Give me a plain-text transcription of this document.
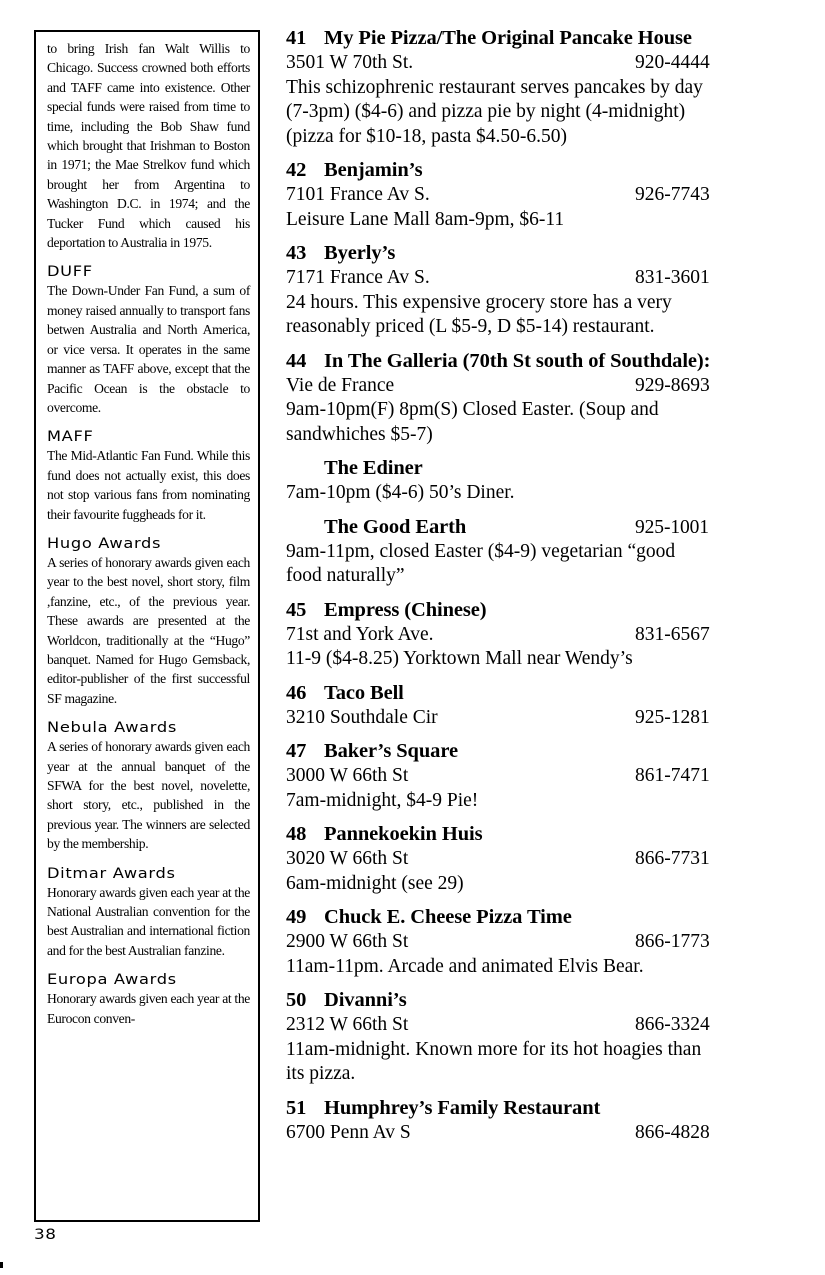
to bring Irish fan Walt Willis to Chicago. Success crowned both efforts and TAFF came into existence. Other special funds were raised from time to time, including the Bob Shaw fund which brought that Irishman to Boston in 1971; the Mae Strelkov fund which brought her from Argentina to Washington D.C. in 1974; and the Tucker Fund which caused his deportation to Australia in 1975.

DUFF

The Down-Under Fan Fund, a sum of money raised annually to transport fans betwen Australia and North America, or vice versa. It operates in the same manner as TAFF above, except that the Pacific Ocean is the obstacle to overcome.

MAFF

The Mid-Atlantic Fan Fund. While this fund does not actually exist, this does not stop various fans from nominating their favourite fuggheads for it.

Hugo Awards

A series of honorary awards given each year to the best novel, short story, film ,fanzine, etc., of the previous year. These awards are presented at the Worldcon, traditionally at the “Hugo” banquet. Named for Hugo Gemsback, editor-publisher of the first successful SF magazine.

Nebula Awards

A series of honorary awards given each year at the annual banquet of the SFWA for the best novel, novelette, short story, etc., published in the previous year. The winners are selected by the membership.

Ditmar Awards

Honorary awards given each year at the National Australian convention for the best Australian and international fiction and for the best Australian fanzine.

Europa Awards

Honorary awards given each year at the Eurocon conven-

38
41 My Pie Pizza/The Original Pancake House
3501 W 70th St.	920-4444
This schizophrenic restaurant serves pancakes by day
(7-3pm) ($4-6) and pizza pie by night (4-midnight)
(pizza for $10-18, pasta $4.50-6.50)
42 Benjamin’s
7101 France Av S.	926-7743
Leisure Lane Mall 8am-9pm, $6-11
43 Byerly’s
7171 France Av S.	831-3601
24 hours. This expensive grocery store has a very
reasonably priced (L $5-9, D $5-14) restaurant.
44 In The Galleria (70th St south of Southdale):
Vie de France	929-8693
9am-10pm(F) 8pm(S) Closed Easter. (Soup and
sandwhiches $5-7)
The Ediner
7am-10pm ($4-6) 50’s Diner.
The Good Earth	925-1001
9am-11pm, closed Easter ($4-9) vegetarian “good
food naturally”
45 Empress (Chinese)
71st and York Ave.	831-6567
11-9 ($4-8.25) Yorktown Mall near Wendy’s
46 Taco Bell
3210 Southdale Cir	925-1281
47 Baker’s Square
3000 W 66th St	861-7471
7am-midnight, $4-9 Pie!
48 Pannekoekin Huis
3020 W 66th St	866-7731
6am-midnight (see 29)
49 Chuck E. Cheese Pizza Time
2900 W 66th St	866-1773
11am-11pm. Arcade and animated Elvis Bear.
50 Divanni’s
2312 W 66th St	866-3324
11am-midnight. Known more for its hot hoagies than
its pizza.
51 Humphrey’s Family Restaurant
6700 Penn Av S	866-4828
